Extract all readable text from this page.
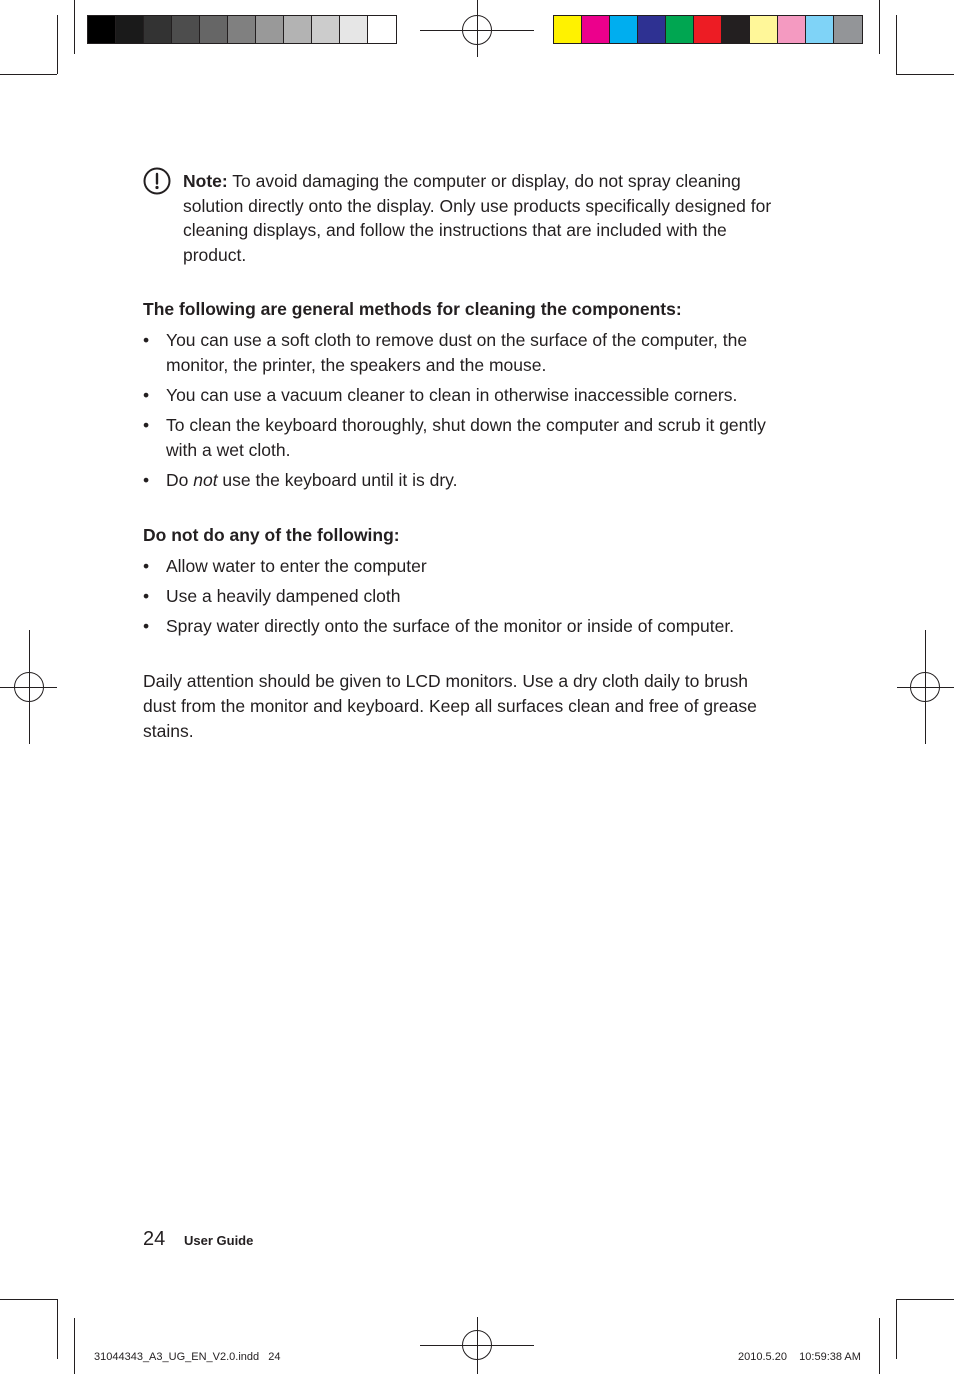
Note: To avoid damaging the computer or display, do not spray cleaning solution directly onto the display. Only use products specifically designed for cleaning displays, and follow the instructions that are included with the product.
The following are general methods for cleaning the components:
• You can use a soft cloth to remove dust on the surface of the computer, the monitor, the printer, the speakers and the mouse.
• You can use a vacuum cleaner to clean in otherwise inaccessible corners.
• To clean the keyboard thoroughly, shut down the computer and scrub it gently with a wet cloth.
• Do not use the keyboard until it is dry.
Do not do any of the following:
• Allow water to enter the computer
• Use a heavily dampened cloth
• Spray water directly onto the surface of the monitor or inside of computer.
Daily attention should be given to LCD monitors. Use a dry cloth daily to brush dust from the monitor and keyboard. Keep all surfaces clean and free of grease stains.
24 User Guide
31044343_A3_UG_EN_V2.0.indd   24	2010.5.20    10:59:38 AM
